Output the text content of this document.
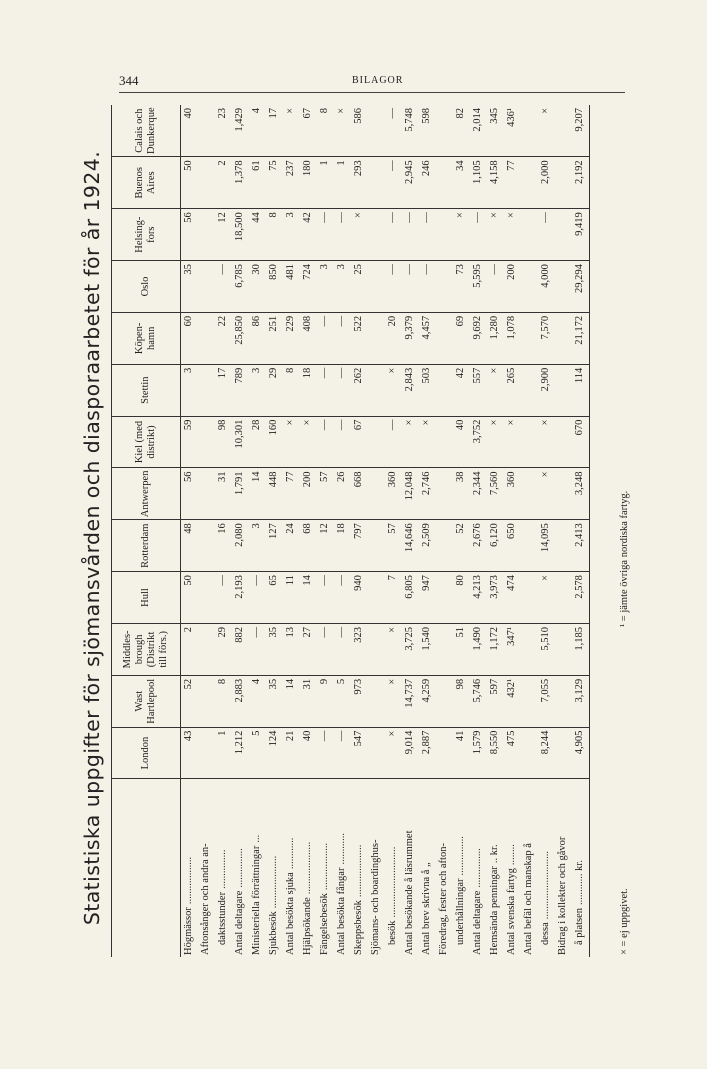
344	BILAGOR
Statistiska uppgifter för sjömansvården och diasporaarbetet för år 1924.
		London	Wast Hartlepool	Middles-brough (Distrikt till förs.)	Hull	Rotterdam	Antwerpen	Kiel (med distrikt)	Stettin	Köpen-hamn	Oslo	Helsing-fors	Buenos Aires	Calais och Dunkerque
Högmässor..................	43	52	2	50	48	56	59	3	60	35	56	50	40
Aftonsånger och andra an-													
daktsstunder...............	1	8	29	—	16	31	98	17	22	—	12	2	23
Antal deltagare...............	1,212	2,883	882	2,193	2,080	1,791	10,301	789	25,850	6,785	18,500	1,378	1,429
Ministeriella förrättningar...	5	4	—	—	3	14	28	3	86	30	44	61	4
Sjukbesök....................	124	35	35	65	127	448	160	29	251	850	8	75	17
Antal besökta sjuka............	21	14	13	11	24	77	×	8	229	481	3	237	×
Hjälpsökande....................	40	31	27	14	68	200	×	18	408	724	42	180	67
Fängelsebesök..................	—	9	—	—	12	57	—	—	—	3	—	1	8
Antal besökta fångar............	—	5	—	—	18	26	—	—	—	3	—	1	×
Skeppsbesök....................	547	973	323	940	797	668	67	262	522	25	×	293	586
Sjömans- och boardinghus-													
besök...........................	×	×	×	7	57	360	—	×	20	—	—	—	—
Antal besökande å läsrummet	9,014	14,737	3,725	6,805	14,646	12,048	×	2,843	9,379	—	—	2,945	5,748
Antal brev skrivna å „	2,887	4,259	1,540	947	2,509	2,746	×	503	4,457	—	—	246	598
Föredrag, fester och afton-													
underhållningar...............	41	98	51	80	52	38	40	42	69	73	×	34	82
Antal deltagare...............	1,579	5,746	1,490	4,213	2,676	2,344	3,752	557	9,692	5,595	—	1,105	2,014
Hemsända penningar.. kr.	8,550	597	1,172	3,973	6,120	7,560	×	×	1,280	—	×	4,158	345
Antal svenska fartyg........	475	432¹	347¹	474	650	360	×	265	1,078	200	×	77	436¹
Antal befäl och manskap å													
dessa..........................	8,244	7,055	5,510	×	14,095	×	×	2,900	7,570	4,000	—	2,000	×
Bidrag i kollekter och gåvor													
å platsen............ kr.	4,905	3,129	1,185	2,578	2,413	3,248	670	114	21,172	29,294	9,419	2,192	9,207
× = ej uppgivet.
¹ = jämte övriga nordiska fartyg.
